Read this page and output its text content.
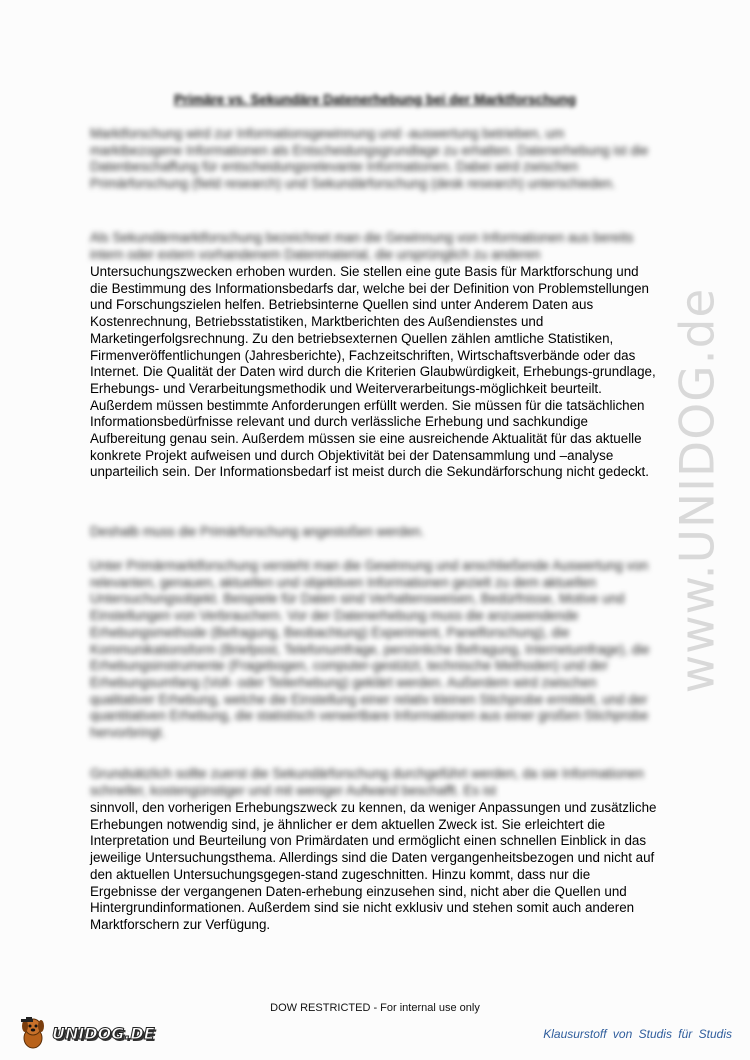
Primäre vs. Sekundäre Datenerhebung bei der Marktforschung

Marktforschung wird zur Informationsgewinnung und -auswertung betrieben, um marktbezogene Informationen als Entscheidungsgrundlage zu erhalten. Datenerhebung ist die Datenbeschaffung für entscheidungsrelevante Informationen. Dabei wird zwischen Primärforschung (field research) und Sekundärforschung (desk research) unterschieden.

Als Sekundärmarktforschung bezeichnet man die Gewinnung von Informationen aus bereits intern oder extern vorhandenem Datenmaterial, die ursprünglich zu anderen

Untersuchungszwecken erhoben wurden. Sie stellen eine gute Basis für Marktforschung und die Bestimmung des Informationsbedarfs dar, welche bei der Definition von Problemstellungen und Forschungszielen helfen. Betriebsinterne Quellen sind unter Anderem Daten aus Kostenrechnung, Betriebsstatistiken, Marktberichten des Außendienstes und Marketingerfolgsrechnung. Zu den betriebsexternen Quellen zählen amtliche Statistiken, Firmenveröffentlichungen (Jahresberichte), Fachzeitschriften, Wirtschaftsverbände oder das Internet. Die Qualität der Daten wird durch die Kriterien Glaubwürdigkeit, Erhebungs-grundlage, Erhebungs- und Verarbeitungsmethodik und Weiterverarbeitungs-möglichkeit beurteilt. Außerdem müssen bestimmte Anforderungen erfüllt werden. Sie müssen für die tatsächlichen Informationsbedürfnisse relevant und durch verlässliche Erhebung und sachkundige Aufbereitung genau sein. Außerdem müssen sie eine ausreichende Aktualität für das aktuelle konkrete Projekt aufweisen und durch Objektivität bei der Datensammlung und –analyse unparteilich sein. Der Informationsbedarf ist meist durch die Sekundärforschung nicht gedeckt.

Deshalb muss die Primärforschung angestoßen werden.

Unter Primärmarktforschung versteht man die Gewinnung und anschließende Auswertung von relevanten, genauen, aktuellen und objektiven Informationen gezielt zu dem aktuellen Untersuchungsobjekt. Beispiele für Daten sind Verhaltensweisen, Bedürfnisse, Motive und Einstellungen von Verbrauchern. Vor der Datenerhebung muss die anzuwendende Erhebungsmethode (Befragung, Beobachtung) Experiment, Panelforschung), die Kommunikationsform (Briefpost, Telefonumfrage, persönliche Befragung, Internetumfrage), die Erhebungsinstrumente (Fragebogen, computer-gestützt, technische Methoden) und der Erhebungsumfang (Voll- oder Teilerhebung) geklärt werden. Außerdem wird zwischen qualitativer Erhebung, welche die Einstellung einer relativ kleinen Stichprobe ermittelt, und der quantitativen Erhebung, die statistisch verwertbare Informationen aus einer großen Stichprobe hervorbringt.

Grundsätzlich sollte zuerst die Sekundärforschung durchgeführt werden, da sie Informationen schneller, kostengünstiger und mit weniger Aufwand beschafft. Es ist

sinnvoll, den vorherigen Erhebungszweck zu kennen, da weniger Anpassungen und zusätzliche Erhebungen notwendig sind, je ähnlicher er dem aktuellen Zweck ist. Sie erleichtert die Interpretation und Beurteilung von Primärdaten und ermöglicht einen schnellen Einblick in das jeweilige Untersuchungsthema. Allerdings sind die Daten vergangenheitsbezogen und nicht auf den aktuellen Untersuchungsgegen-stand zugeschnitten. Hinzu kommt, dass nur die Ergebnisse der vergangenen Daten-erhebung einzusehen sind, nicht aber die Quellen und Hintergrundinformationen. Außerdem sind sie nicht exklusiv und stehen somit auch anderen Marktforschern zur Verfügung.

www.UNIDOG.de
DOW RESTRICTED - For internal use only
UNIDOG.DE	Klausurstoff von Studis für Studis
